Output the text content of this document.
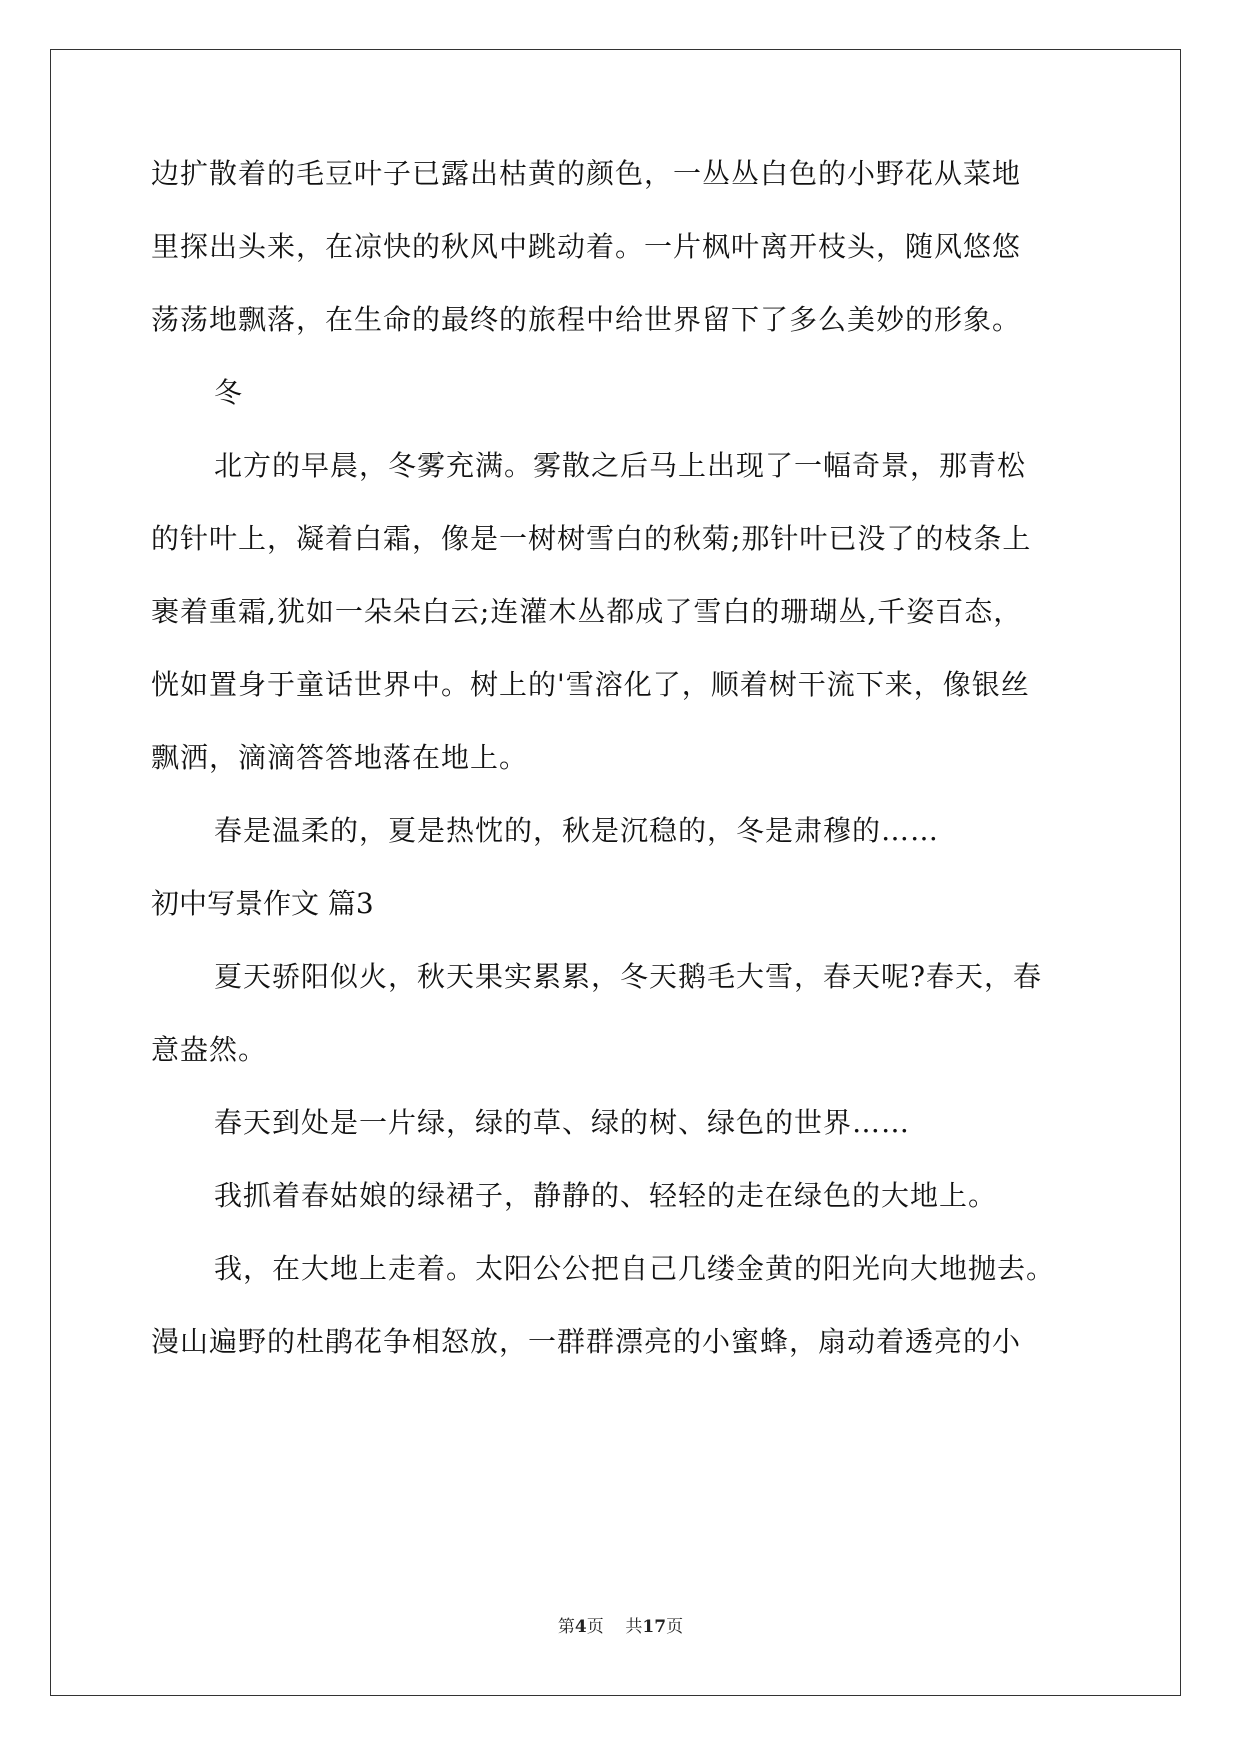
边扩散着的毛豆叶子已露出枯黄的颜色，一丛丛白色的小野花从菜地
里探出头来，在凉快的秋风中跳动着。一片枫叶离开枝头，随风悠悠
荡荡地飘落，在生命的最终的旅程中给世界留下了多么美妙的形象。
冬
北方的早晨，冬雾充满。雾散之后马上出现了一幅奇景，那青松
的针叶上，凝着白霜，像是一树树雪白的秋菊;那针叶已没了的枝条上
裹着重霜,犹如一朵朵白云;连灌木丛都成了雪白的珊瑚丛,千姿百态，
恍如置身于童话世界中。树上的'雪溶化了，顺着树干流下来，像银丝
飘洒，滴滴答答地落在地上。
春是温柔的，夏是热忱的，秋是沉稳的，冬是肃穆的……
初中写景作文 篇3
夏天骄阳似火，秋天果实累累，冬天鹅毛大雪，春天呢?春天，春
意盎然。
春天到处是一片绿，绿的草、绿的树、绿色的世界……
我抓着春姑娘的绿裙子，静静的、轻轻的走在绿色的大地上。
我，在大地上走着。太阳公公把自己几缕金黄的阳光向大地抛去。
漫山遍野的杜鹃花争相怒放，一群群漂亮的小蜜蜂，扇动着透亮的小
第4页    共17页
